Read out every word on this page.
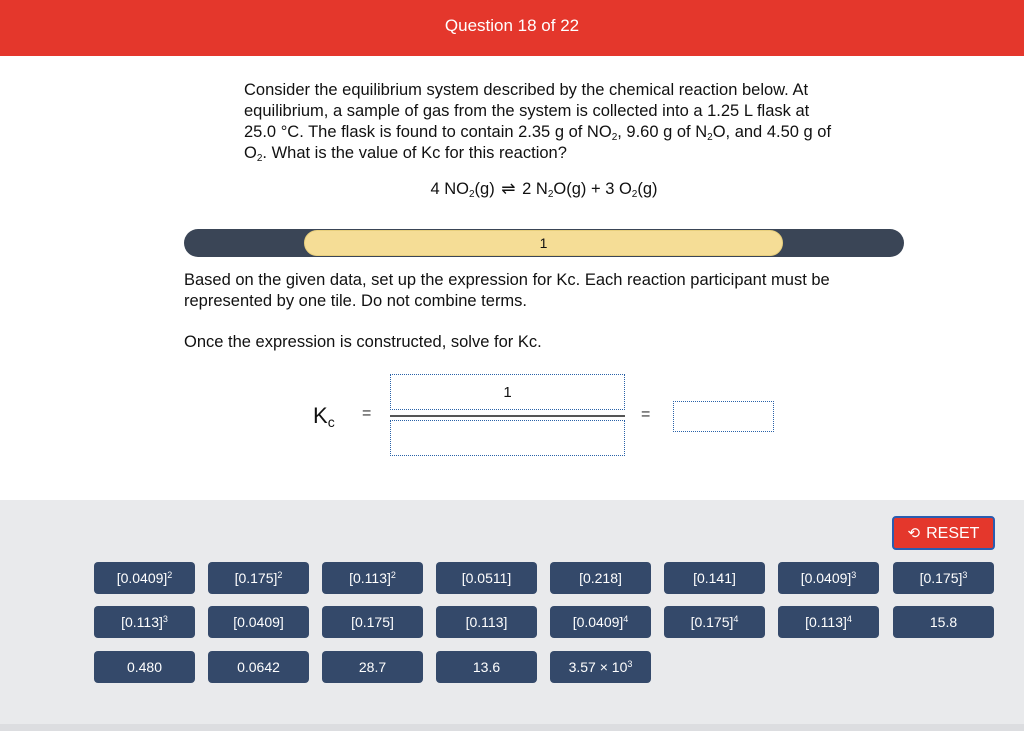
Question 18 of 22
Consider the equilibrium system described by the chemical reaction below. At equilibrium, a sample of gas from the system is collected into a 1.25 L flask at 25.0 °C. The flask is found to contain 2.35 g of $NO_2$, 9.60 g of $N_2O$, and 4.50 g of $O_2$. What is the value of Kc for this reaction?
4 $NO_2(g)$ ⇌ 2 $N_2O(g) + 3$ $O_2(g)$
1
Based on the given data, set up the expression for Kc. Each reaction participant must be represented by one tile. Do not combine terms.
Once the expression is constructed, solve for Kc.
$K_c$ =
1
=
⟲ RESET
$[0.0409]^2$	$[0.175]^2$	$[0.113]^2$	[0.0511]	[0.218]	[0.141]	$[0.0409]^3$	$[0.175]^3$
$[0.113]^3$	[0.0409]	[0.175]	[0.113]	$[0.0409]^4$	$[0.175]^4$	$[0.113]^4$	15.8
0.480	0.0642	28.7	13.6	$3.57 \times 10^3$
